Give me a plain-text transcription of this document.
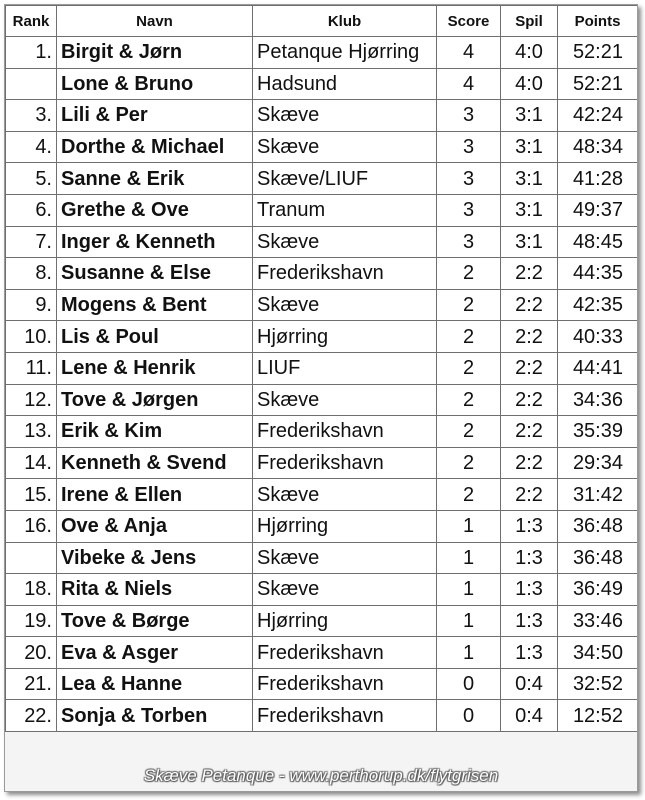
Rank	Navn	Klub	Score	Spil	Points
1.	Birgit & Jørn	Petanque Hjørring	4	4:0	52:21
	Lone & Bruno	Hadsund	4	4:0	52:21
3.	Lili & Per	Skæve	3	3:1	42:24
4.	Dorthe & Michael	Skæve	3	3:1	48:34
5.	Sanne & Erik	Skæve/LIUF	3	3:1	41:28
6.	Grethe & Ove	Tranum	3	3:1	49:37
7.	Inger & Kenneth	Skæve	3	3:1	48:45
8.	Susanne & Else	Frederikshavn	2	2:2	44:35
9.	Mogens & Bent	Skæve	2	2:2	42:35
10.	Lis & Poul	Hjørring	2	2:2	40:33
11.	Lene & Henrik	LIUF	2	2:2	44:41
12.	Tove & Jørgen	Skæve	2	2:2	34:36
13.	Erik & Kim	Frederikshavn	2	2:2	35:39
14.	Kenneth & Svend	Frederikshavn	2	2:2	29:34
15.	Irene & Ellen	Skæve	2	2:2	31:42
16.	Ove & Anja	Hjørring	1	1:3	36:48
	Vibeke & Jens	Skæve	1	1:3	36:48
18.	Rita & Niels	Skæve	1	1:3	36:49
19.	Tove & Børge	Hjørring	1	1:3	33:46
20.	Eva & Asger	Frederikshavn	1	1:3	34:50
21.	Lea & Hanne	Frederikshavn	0	0:4	32:52
22.	Sonja & Torben	Frederikshavn	0	0:4	12:52
Skæve Petanque - www.perthorup.dk/flytgrisen
